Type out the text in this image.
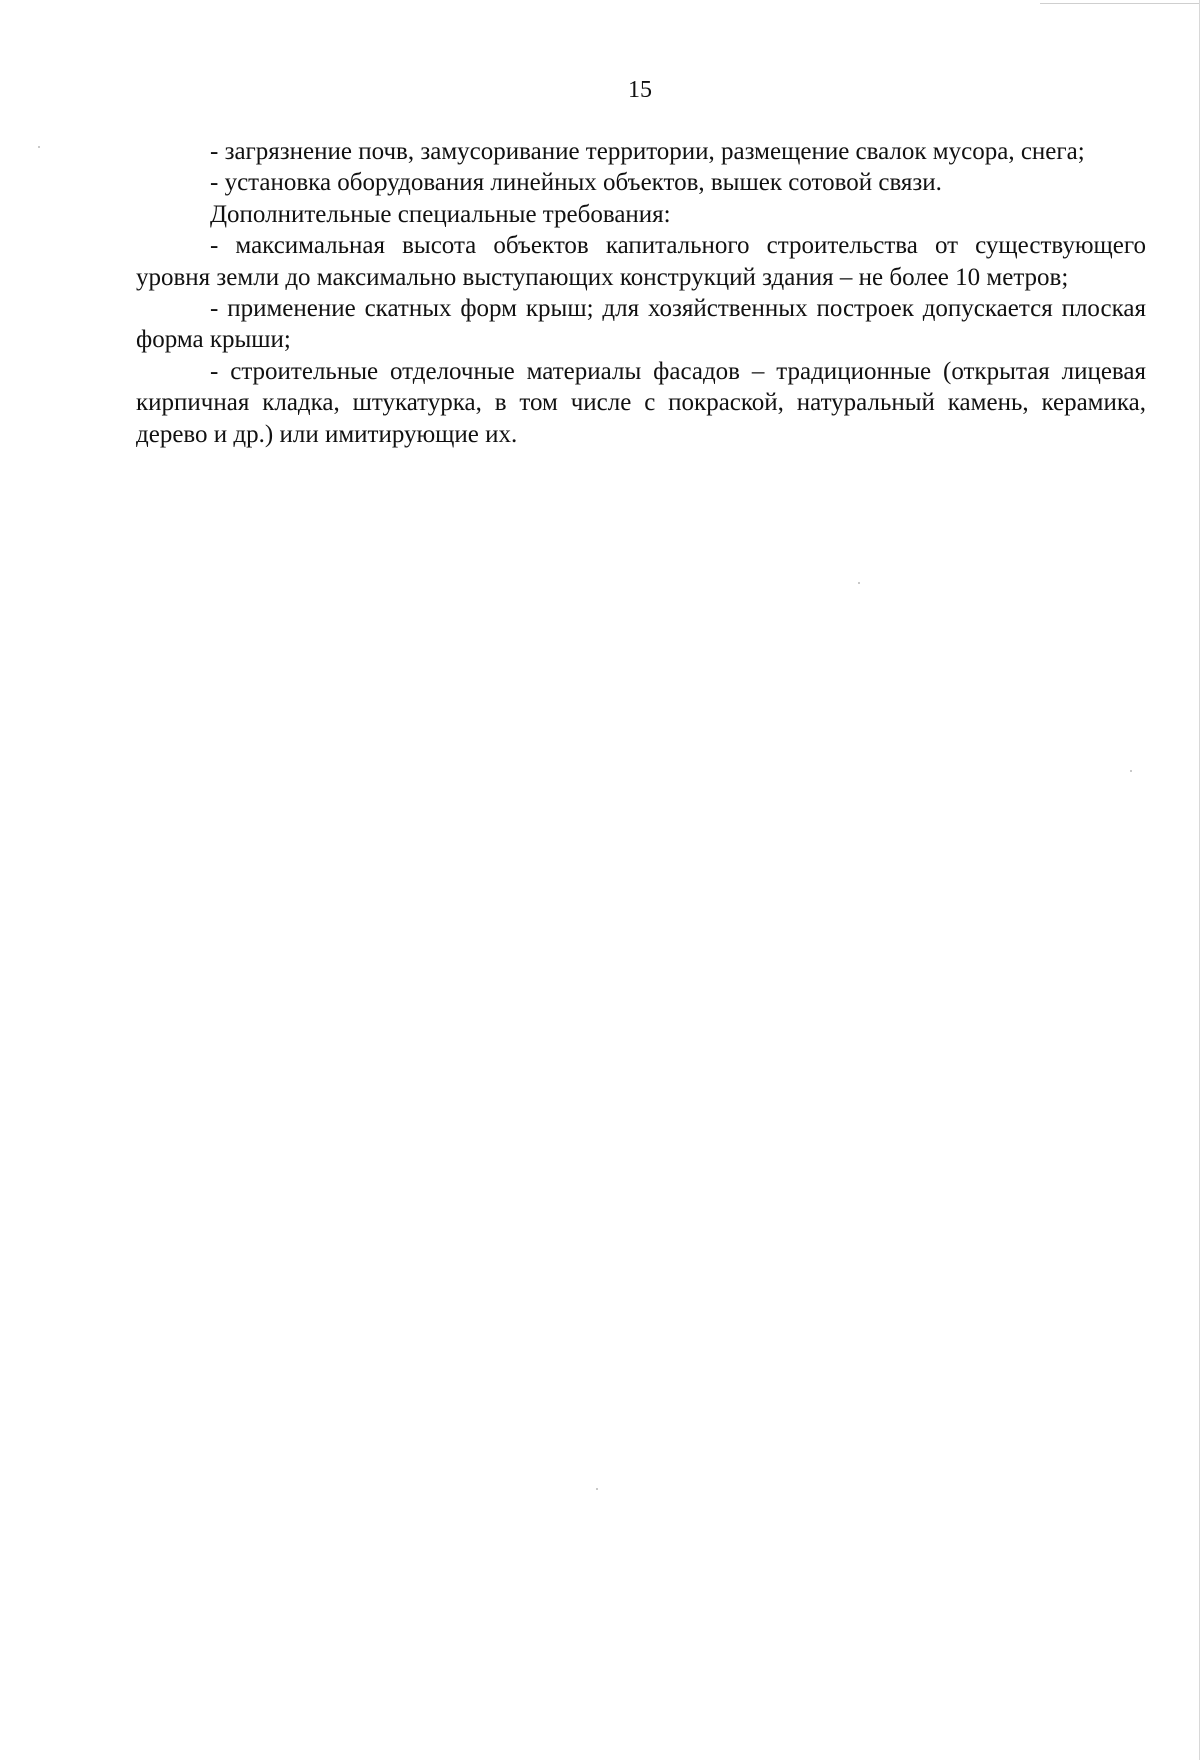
15

- загрязнение почв, замусоривание территории, размещение свалок мусора, снега;

- установка оборудования линейных объектов, вышек сотовой связи.

Дополнительные специальные требования:

- максимальная высота объектов капитального строительства от существующего уровня земли до максимально выступающих конструкций здания – не более 10 метров;

- применение скатных форм крыш; для хозяйственных построек допускается плоская форма крыши;

- строительные отделочные материалы фасадов – традиционные (открытая лицевая кирпичная кладка, штукатурка, в том числе с покраской, натуральный камень, керамика, дерево и др.) или имитирующие их.
